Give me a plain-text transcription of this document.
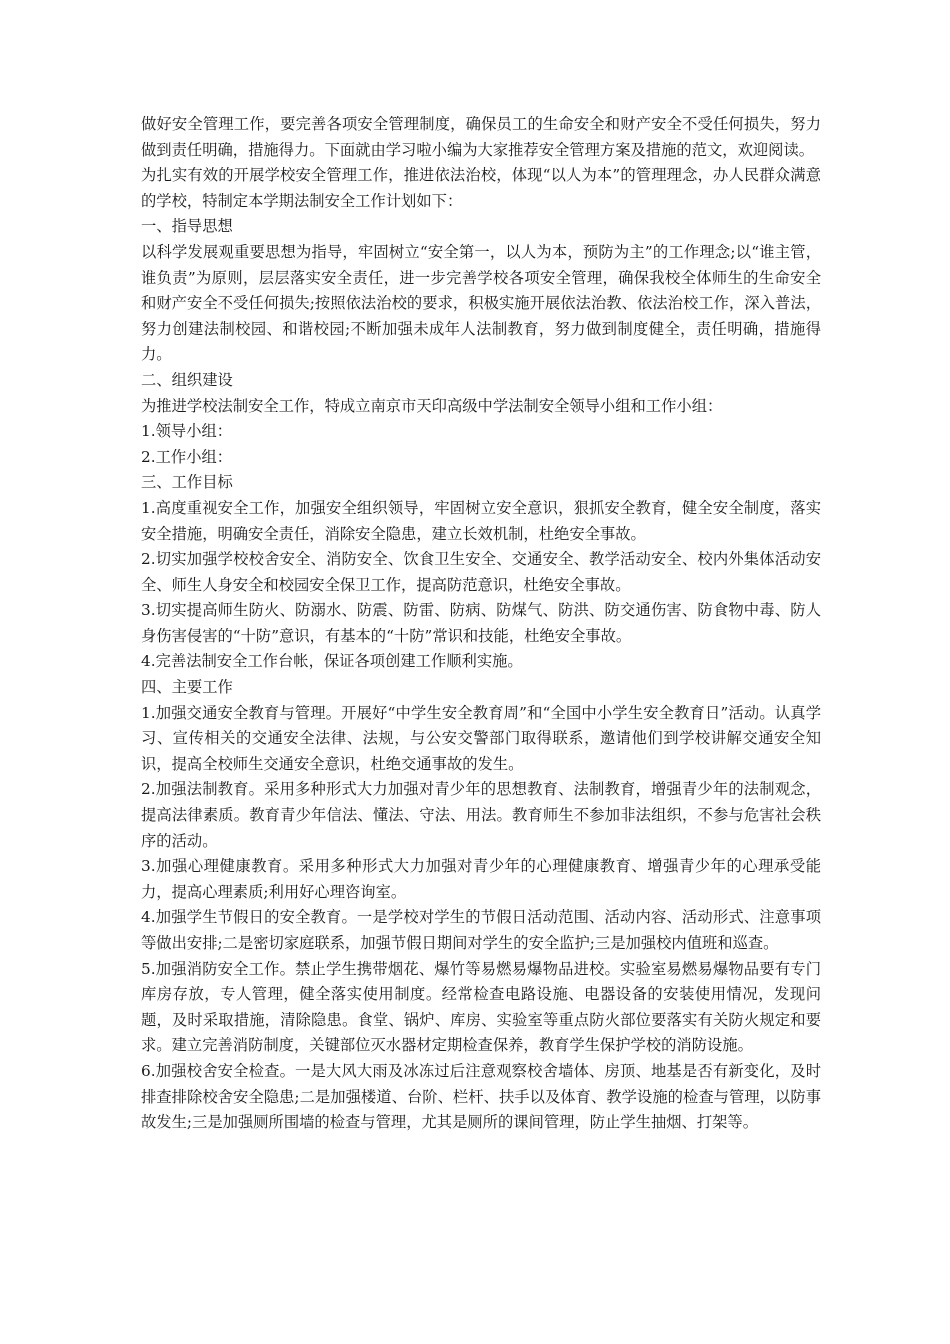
做好安全管理工作，要完善各项安全管理制度，确保员工的生命安全和财产安全不受任何损失，努力做到责任明确，措施得力。下面就由学习啦小编为大家推荐安全管理方案及措施的范文，欢迎阅读。

为扎实有效的开展学校安全管理工作，推进依法治校，体现“以人为本”的管理理念，办人民群众满意的学校，特制定本学期法制安全工作计划如下：

一、指导思想

以科学发展观重要思想为指导，牢固树立“安全第一，以人为本，预防为主”的工作理念;以“谁主管，谁负责”为原则，层层落实安全责任，进一步完善学校各项安全管理，确保我校全体师生的生命安全和财产安全不受任何损失;按照依法治校的要求，积极实施开展依法治教、依法治校工作，深入普法，努力创建法制校园、和谐校园;不断加强未成年人法制教育，努力做到制度健全，责任明确，措施得力。

二、组织建设

为推进学校法制安全工作，特成立南京市天印高级中学法制安全领导小组和工作小组：

1.领导小组：

2.工作小组：

三、工作目标

1.高度重视安全工作，加强安全组织领导，牢固树立安全意识，狠抓安全教育，健全安全制度，落实安全措施，明确安全责任，消除安全隐患，建立长效机制，杜绝安全事故。

2.切实加强学校校舍安全、消防安全、饮食卫生安全、交通安全、教学活动安全、校内外集体活动安全、师生人身安全和校园安全保卫工作，提高防范意识，杜绝安全事故。

3.切实提高师生防火、防溺水、防震、防雷、防病、防煤气、防洪、防交通伤害、防食物中毒、防人身伤害侵害的“十防”意识，有基本的“十防”常识和技能，杜绝安全事故。

4.完善法制安全工作台帐，保证各项创建工作顺利实施。

四、主要工作

1.加强交通安全教育与管理。开展好“中学生安全教育周”和“全国中小学生安全教育日”活动。认真学习、宣传相关的交通安全法律、法规，与公安交警部门取得联系，邀请他们到学校讲解交通安全知识，提高全校师生交通安全意识，杜绝交通事故的发生。

2.加强法制教育。采用多种形式大力加强对青少年的思想教育、法制教育，增强青少年的法制观念，提高法律素质。教育青少年信法、懂法、守法、用法。教育师生不参加非法组织，不参与危害社会秩序的活动。

3.加强心理健康教育。采用多种形式大力加强对青少年的心理健康教育、增强青少年的心理承受能力，提高心理素质;利用好心理咨询室。

4.加强学生节假日的安全教育。一是学校对学生的节假日活动范围、活动内容、活动形式、注意事项等做出安排;二是密切家庭联系，加强节假日期间对学生的安全监护;三是加强校内值班和巡查。

5.加强消防安全工作。禁止学生携带烟花、爆竹等易燃易爆物品进校。实验室易燃易爆物品要有专门库房存放，专人管理，健全落实使用制度。经常检查电路设施、电器设备的安装使用情况，发现问题，及时采取措施，清除隐患。食堂、锅炉、库房、实验室等重点防火部位要落实有关防火规定和要求。建立完善消防制度，关键部位灭水器材定期检查保养，教育学生保护学校的消防设施。

6.加强校舍安全检查。一是大风大雨及冰冻过后注意观察校舍墙体、房顶、地基是否有新变化，及时排查排除校舍安全隐患;二是加强楼道、台阶、栏杆、扶手以及体育、教学设施的检查与管理，以防事故发生;三是加强厕所围墙的检查与管理，尤其是厕所的课间管理，防止学生抽烟、打架等。
